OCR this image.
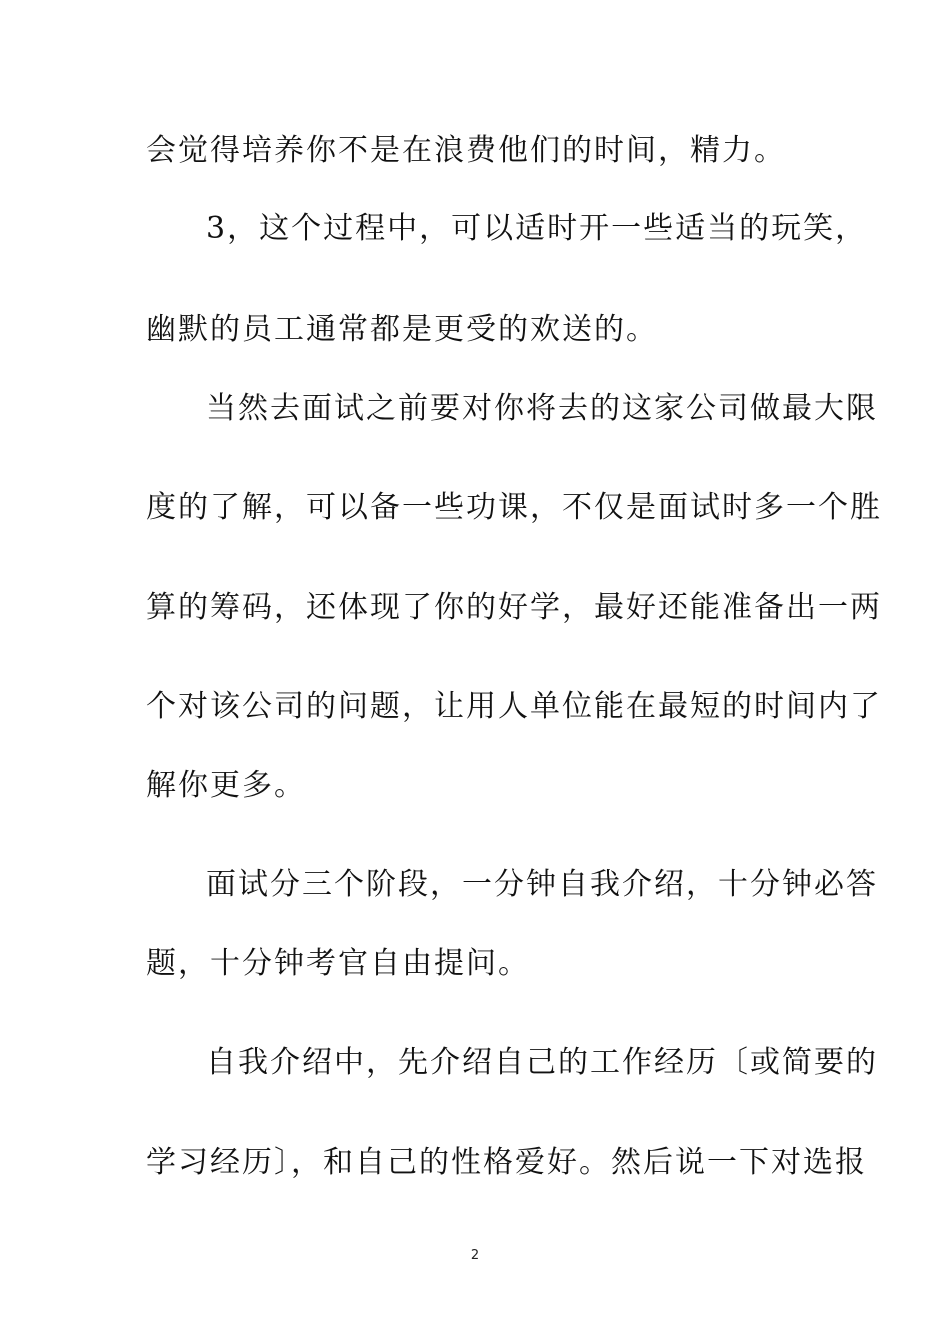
会觉得培养你不是在浪费他们的时间，精力。
3，这个过程中，可以适时开一些适当的玩笑，
幽默的员工通常都是更受的欢送的。
当然去面试之前要对你将去的这家公司做最大限
度的了解，可以备一些功课，不仅是面试时多一个胜
算的筹码，还体现了你的好学，最好还能准备出一两
个对该公司的问题，让用人单位能在最短的时间内了
解你更多。
面试分三个阶段，一分钟自我介绍，十分钟必答
题，十分钟考官自由提问。
自我介绍中，先介绍自己的工作经历〔或简要的
学习经历〕，和自己的性格爱好。然后说一下对选报
2
